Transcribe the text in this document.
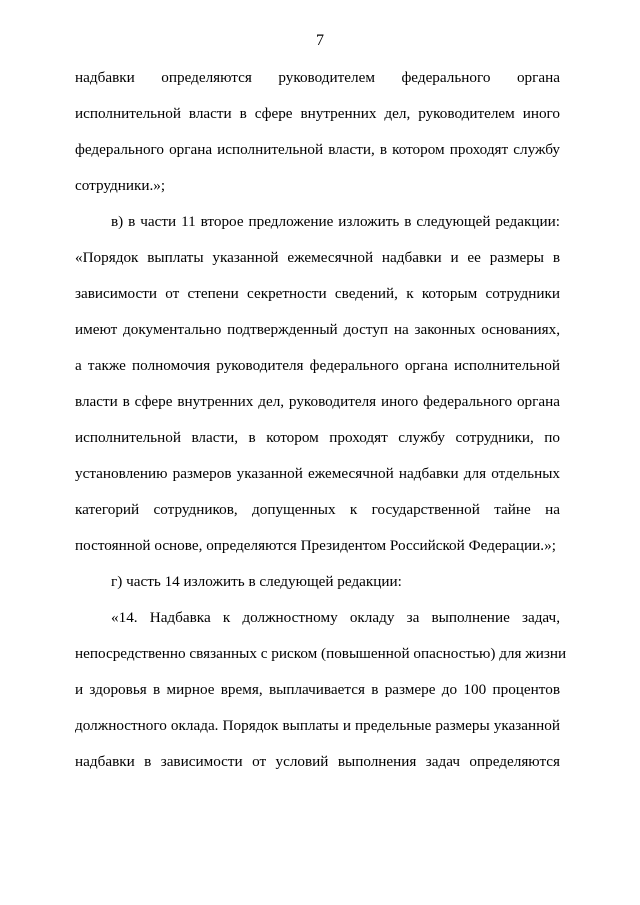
7
надбавки определяются руководителем федерального органа
исполнительной власти в сфере внутренних дел, руководителем иного
федерального органа исполнительной власти, в котором проходят службу
сотрудники.»;
в) в части 11 второе предложение изложить в следующей редакции:
«Порядок выплаты указанной ежемесячной надбавки и ее размеры в
зависимости от степени секретности сведений, к которым сотрудники
имеют документально подтвержденный доступ на законных основаниях,
а также полномочия руководителя федерального органа исполнительной
власти в сфере внутренних дел, руководителя иного федерального органа
исполнительной власти, в котором проходят службу сотрудники, по
установлению размеров указанной ежемесячной надбавки для отдельных
категорий сотрудников, допущенных к государственной тайне на
постоянной основе, определяются Президентом Российской Федерации.»;
г) часть 14 изложить в следующей редакции:
«14. Надбавка к должностному окладу за выполнение задач,
непосредственно связанных с риском (повышенной опасностью) для жизни
и здоровья в мирное время, выплачивается в размере до 100 процентов
должностного оклада. Порядок выплаты и предельные размеры указанной
надбавки в зависимости от условий выполнения задач определяются
